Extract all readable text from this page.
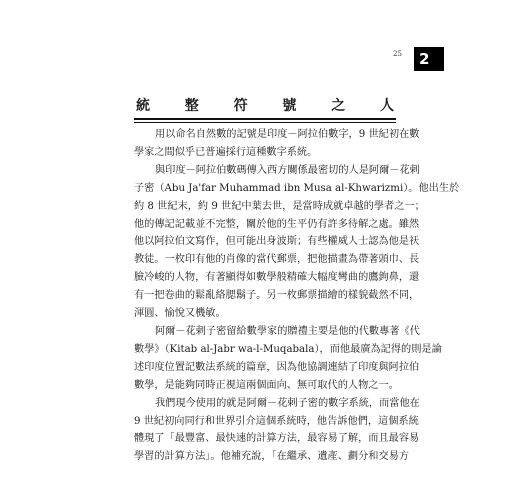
25	2
統 整 符 號 之 人

用以命名自然數的記號是印度－阿拉伯數字，9 世紀初在數
學家之間似乎已普遍採行這種數字系統。

與印度－阿拉伯數碼傳入西方關係最密切的人是阿爾－花剌
子密（Abu Ja'far Muhammad ibn Musa al-Khwarizmi）。他出生於
約 8 世紀末，約 9 世紀中葉去世，是當時成就卓越的學者之一；
他的傳記記載並不完整，關於他的生平仍有許多待解之處。雖然
他以阿拉伯文寫作，但可能出身波斯；有些權威人士認為他是祆
教徒。一枚印有他的肖像的當代郵票，把他描畫為帶著頭巾、長
臉冷峻的人物，有著顯得如數學般精確大幅度彎曲的鷹鉤鼻，還
有一把卷曲的鬆亂絡腮鬍子。另一枚郵票描繪的樣貌截然不同，
渾圓、愉悅又機敏。

阿爾－花剌子密留給數學家的贈禮主要是他的代數專著《代
數學》（Kitab al-Jabr wa-l-Muqabala），而他最廣為記得的則是論
述印度位置記數法系統的篇章，因為他協調連結了印度與阿拉伯
數學，是能夠同時正視這兩個面向、無可取代的人物之一。

我們現今使用的就是阿爾－花剌子密的數字系統，而當他在
9 世紀初向同行和世界引介這個系統時，他告訴他們，這個系統
體現了「最豐富、最快速的計算方法，最容易了解，而且最容易
學習的計算方法」。他補充說，「在繼承、遺產、劃分和交易方
